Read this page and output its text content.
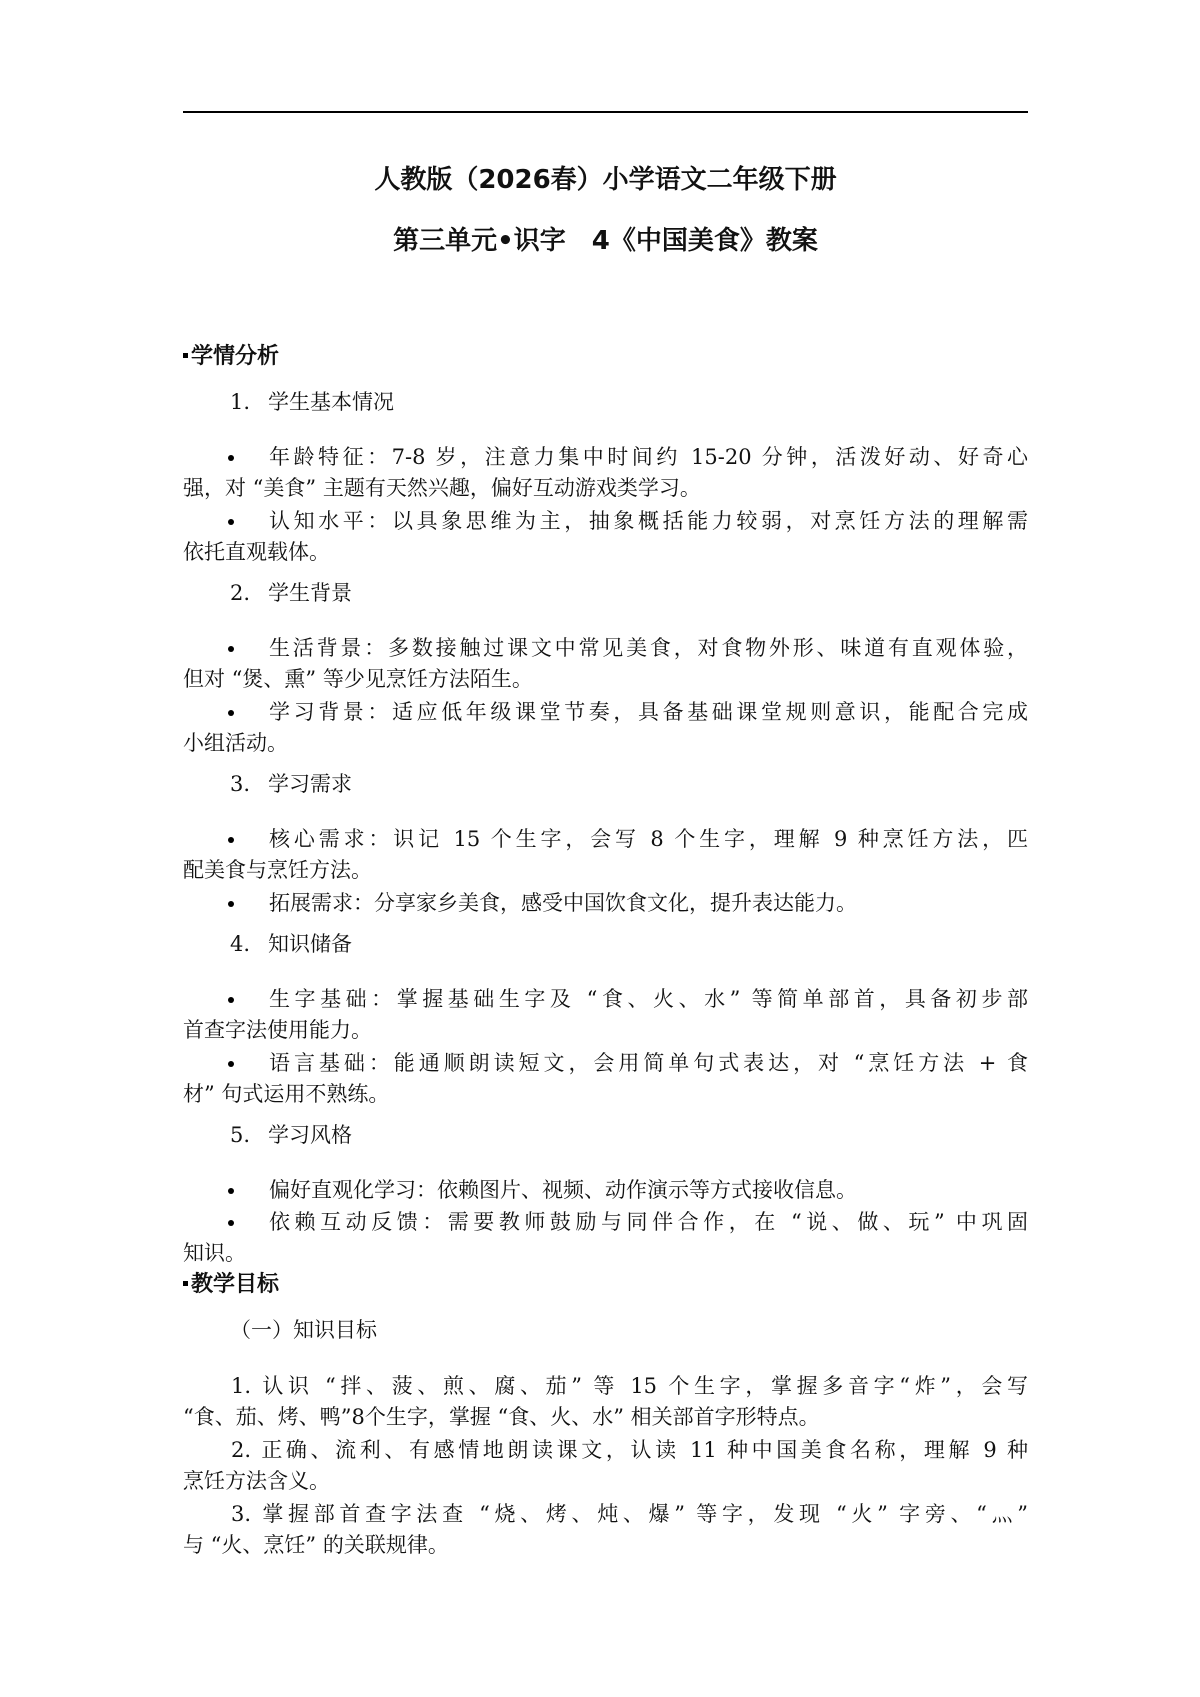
人教版（2026春）小学语文二年级下册
第三单元•识字　4《中国美食》教案
学情分析
1. 学生基本情况
年龄特征：7-8 岁，注意力集中时间约 15-20 分钟，活泼好动、好奇心
强，对 “美食” 主题有天然兴趣，偏好互动游戏类学习。
认知水平：以具象思维为主，抽象概括能力较弱，对烹饪方法的理解需
依托直观载体。
2. 学生背景
生活背景：多数接触过课文中常见美食，对食物外形、味道有直观体验，
但对 “煲、熏” 等少见烹饪方法陌生。
学习背景：适应低年级课堂节奏，具备基础课堂规则意识，能配合完成
小组活动。
3. 学习需求
核心需求：识记 15 个生字，会写 8 个生字，理解 9 种烹饪方法，匹
配美食与烹饪方法。
拓展需求：分享家乡美食，感受中国饮食文化，提升表达能力。
4. 知识储备
生字基础：掌握基础生字及 “食、火、水” 等简单部首，具备初步部
首查字法使用能力。
语言基础：能通顺朗读短文，会用简单句式表达，对 “烹饪方法 + 食
材” 句式运用不熟练。
5. 学习风格
偏好直观化学习：依赖图片、视频、动作演示等方式接收信息。
依赖互动反馈：需要教师鼓励与同伴合作，在 “说、做、玩” 中巩固
知识。
教学目标
（一）知识目标
1. 认识 “拌、菠、煎、腐、茄” 等 15 个生字，掌握多音字“炸”，会写
“食、茄、烤、鸭”8个生字，掌握 “食、火、水” 相关部首字形特点。
2. 正确、流利、有感情地朗读课文，认读 11 种中国美食名称，理解 9 种
烹饪方法含义。
3. 掌握部首查字法查 “烧、烤、炖、爆” 等字，发现 “火” 字旁、“灬”
与 “火、烹饪” 的关联规律。
